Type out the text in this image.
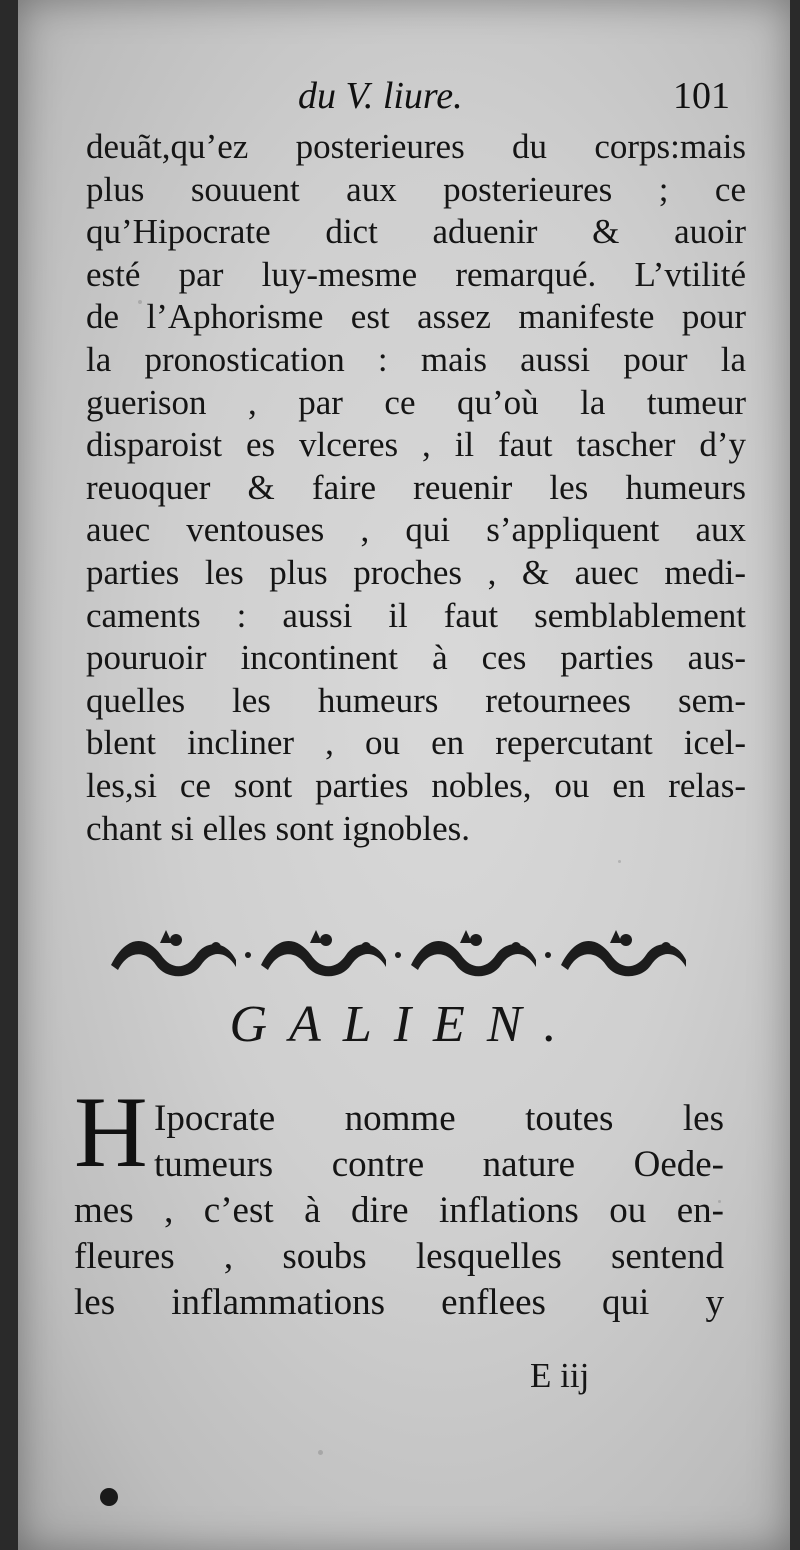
du V. liure.	101
deuãt,qu’ez posterieures du corps:mais
plus souuent aux posterieures ; ce
qu’Hipocrate dict aduenir & auoir
esté par luy-mesme remarqué. L’vtilité
de l’Aphorisme est assez manifeste pour
la pronostication : mais aussi pour la
guerison , par ce qu’où la tumeur
disparoist es vlceres , il faut tascher d’y
reuoquer & faire reuenir les humeurs
auec ventouses , qui s’appliquent aux
parties les plus proches , & auec medi-
caments : aussi il faut semblablement
pouruoir incontinent à ces parties aus-
quelles les humeurs retournees sem-
blent incliner , ou en repercutant icel-
les,si ce sont parties nobles, ou en relas-
chant si elles sont ignobles.
GALIEN.
H Ipocrate nomme toutes les
tumeurs contre nature Oede-
mes , c’est à dire inflations ou en-
fleures , soubs lesquelles sentend
les inflammations enflees qui y
E iij
